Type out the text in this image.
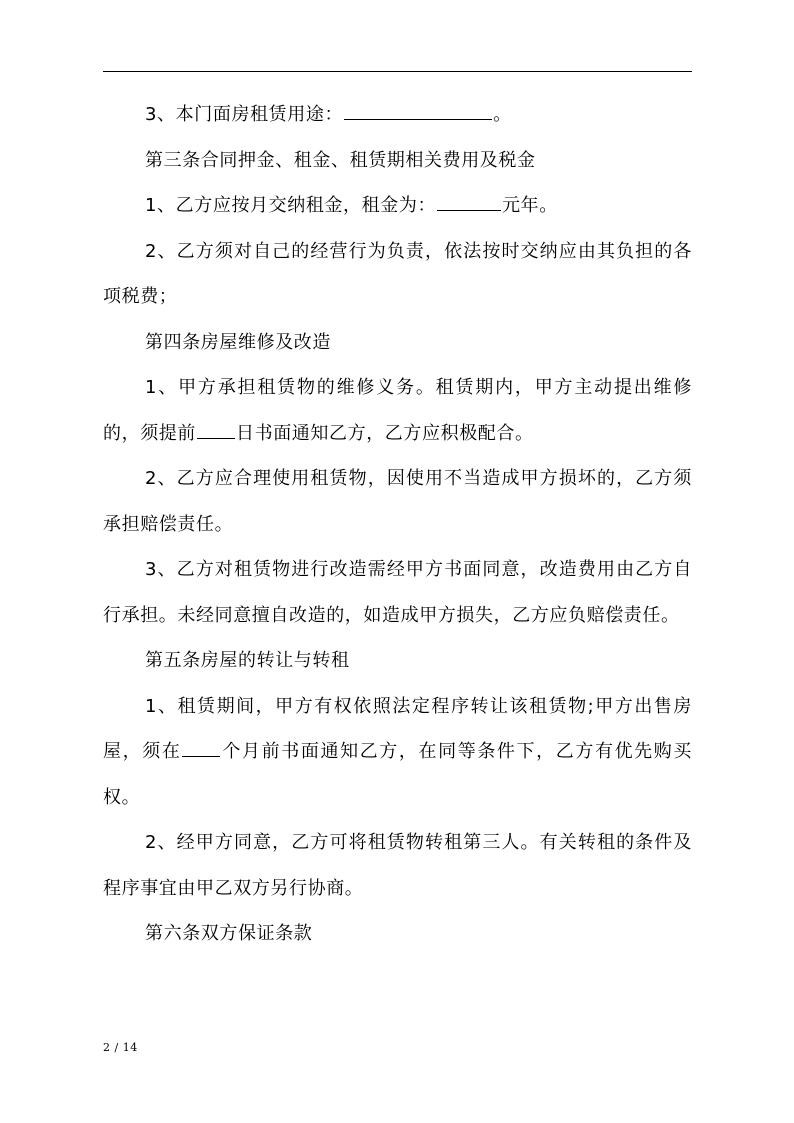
3、本门面房租赁用途：	。

第三条合同押金、租金、租赁期相关费用及税金

1、乙方应按月交纳租金，租金为：	元年。

2、乙方须对自己的经营行为负责，依法按时交纳应由其负担的各项税费；

第四条房屋维修及改造

1、甲方承担租赁物的维修义务。租赁期内，甲方主动提出维修的，须提前 日书面通知乙方，乙方应积极配合。

2、乙方应合理使用租赁物，因使用不当造成甲方损坏的，乙方须承担赔偿责任。

3、乙方对租赁物进行改造需经甲方书面同意，改造费用由乙方自行承担。未经同意擅自改造的，如造成甲方损失，乙方应负赔偿责任。

第五条房屋的转让与转租

1、租赁期间，甲方有权依照法定程序转让该租赁物;甲方出售房屋，须在 个月前书面通知乙方，在同等条件下，乙方有优先购买权。

2、经甲方同意，乙方可将租赁物转租第三人。有关转租的条件及程序事宜由甲乙双方另行协商。

第六条双方保证条款

2 / 14
